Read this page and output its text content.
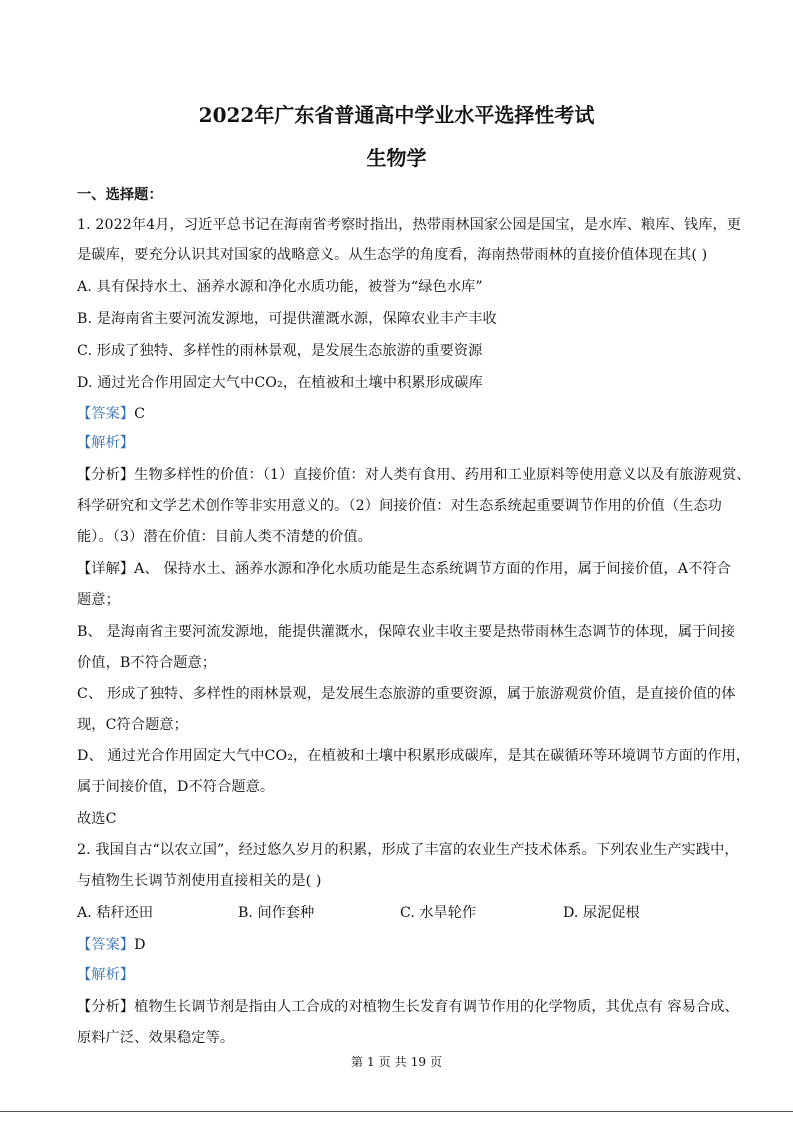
2022年广东省普通高中学业水平选择性考试
生物学
一、选择题：
1. 2022年4月，习近平总书记在海南省考察时指出，热带雨林国家公园是国宝，是水库、粮库、钱库，更
是碳库，要充分认识其对国家的战略意义。从生态学的角度看，海南热带雨林的直接价值体现在其( )
A. 具有保持水土、涵养水源和净化水质功能，被誉为“绿色水库”
B. 是海南省主要河流发源地，可提供灌溉水源，保障农业丰产丰收
C. 形成了独特、多样性的雨林景观，是发展生态旅游的重要资源
D. 通过光合作用固定大气中CO₂，在植被和土壤中积累形成碳库
【答案】C
【解析】
【分析】生物多样性的价值：（1）直接价值：对人类有食用、药用和工业原料等使用意义以及有旅游观赏、
科学研究和文学艺术创作等非实用意义的。（2）间接价值：对生态系统起重要调节作用的价值（生态功
能）。（3）潜在价值：目前人类不清楚的价值。
【详解】A、 保持水土、涵养水源和净化水质功能是生态系统调节方面的作用，属于间接价值，A不符合
题意；
B、 是海南省主要河流发源地，能提供灌溉水，保障农业丰收主要是热带雨林生态调节的体现，属于间接
价值，B不符合题意；
C、 形成了独特、多样性的雨林景观，是发展生态旅游的重要资源，属于旅游观赏价值，是直接价值的体
现，C符合题意；
D、 通过光合作用固定大气中CO₂，在植被和土壤中积累形成碳库，是其在碳循环等环境调节方面的作用，
属于间接价值，D不符合题意。
故选C
2. 我国自古“以农立国”，经过悠久岁月的积累，形成了丰富的农业生产技术体系。下列农业生产实践中，
与植物生长调节剂使用直接相关的是( )
A. 秸秆还田	B. 间作套种	C. 水旱轮作	D. 尿泥促根
【答案】D
【解析】
【分析】植物生长调节剂是指由人工合成的对植物生长发育有调节作用的化学物质，其优点有 容易合成、
原料广泛、效果稳定等。
第 1 页 共 19 页
